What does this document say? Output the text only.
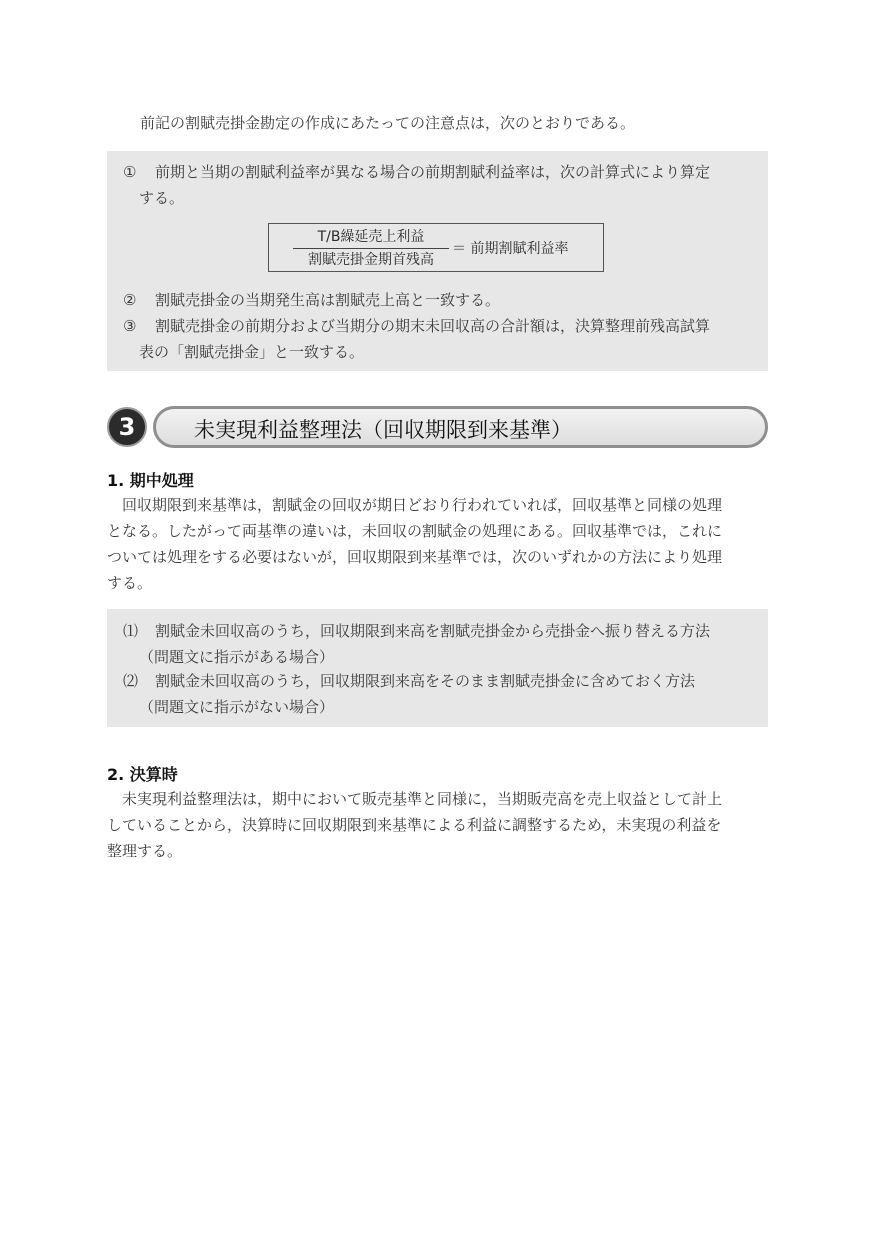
前記の割賦売掛金勘定の作成にあたっての注意点は，次のとおりである。
① 前期と当期の割賦利益率が異なる場合の前期割賦利益率は，次の計算式により算定
する。
T/B繰延売上利益
割賦売掛金期首残高
＝ 前期割賦利益率
② 割賦売掛金の当期発生高は割賦売上高と一致する。
③ 割賦売掛金の前期分および当期分の期末未回収高の合計額は，決算整理前残高試算
表の「割賦売掛金」と一致する。
3	未実現利益整理法（回収期限到来基準）
1. 期中処理
回収期限到来基準は，割賦金の回収が期日どおり行われていれば，回収基準と同様の処理
となる。したがって両基準の違いは，未回収の割賦金の処理にある。回収基準では，これに
ついては処理をする必要はないが，回収期限到来基準では，次のいずれかの方法により処理
する。
⑴ 割賦金未回収高のうち，回収期限到来高を割賦売掛金から売掛金へ振り替える方法
（問題文に指示がある場合）
⑵ 割賦金未回収高のうち，回収期限到来高をそのまま割賦売掛金に含めておく方法
（問題文に指示がない場合）
2. 決算時
未実現利益整理法は，期中において販売基準と同様に，当期販売高を売上収益として計上
していることから，決算時に回収期限到来基準による利益に調整するため，未実現の利益を
整理する。
